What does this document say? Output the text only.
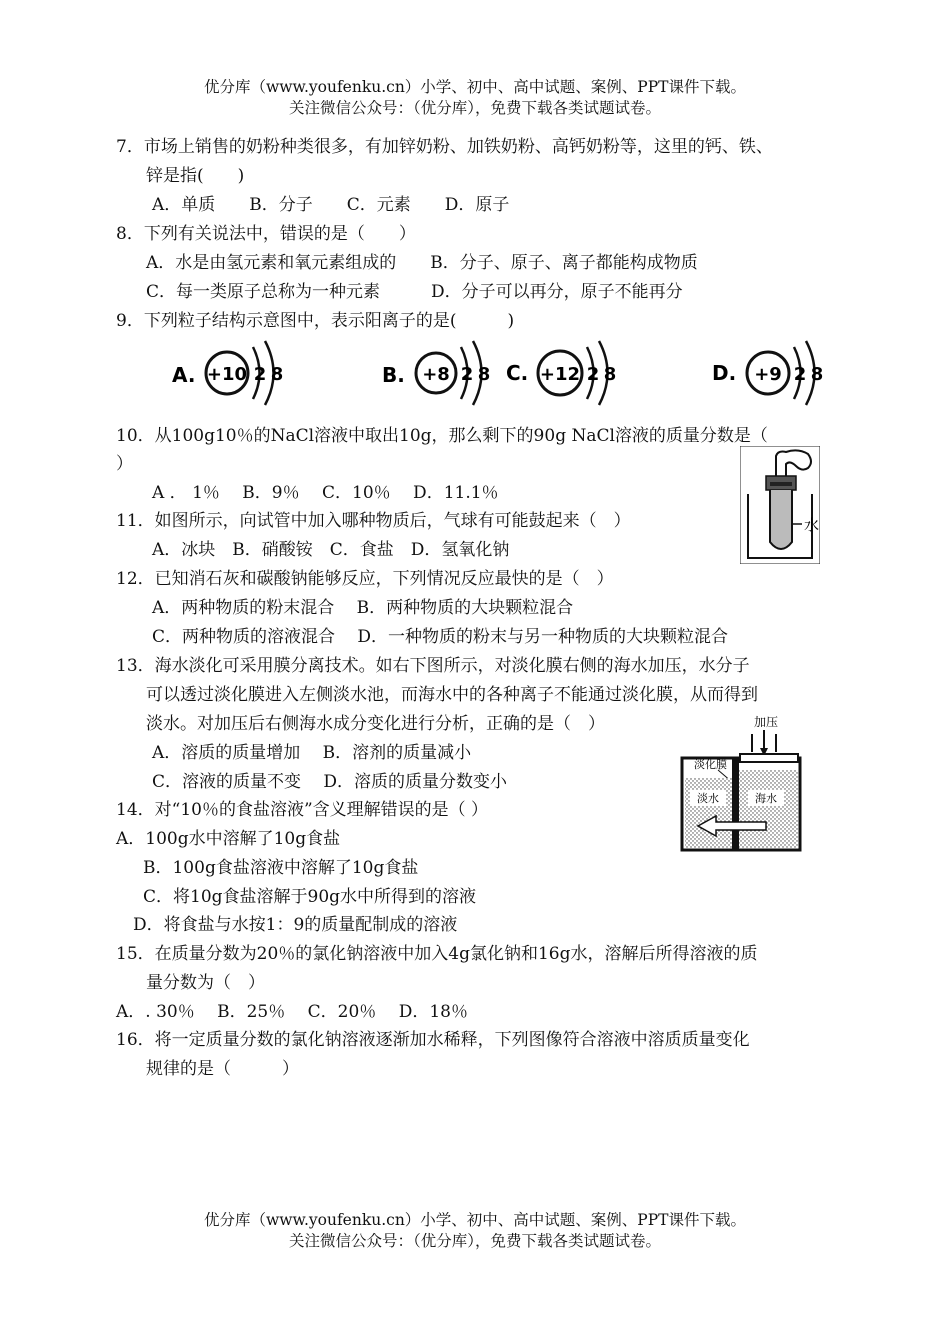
优分库（www.youfenku.cn）小学、初中、高中试题、案例、PPT课件下载。
关注微信公众号：（优分库），免费下载各类试题试卷。
7．市场上销售的奶粉种类很多，有加锌奶粉、加铁奶粉、高钙奶粉等，这里的钙、铁、
锌是指(　　)
A．单质　　B．分子　　C．元素　　D．原子
8．下列有关说法中，错误的是（　　）
A．水是由氢元素和氧元素组成的　　B．分子、原子、离子都能构成物质
C．每一类原子总称为一种元素　　　D．分子可以再分，原子不能再分
9．下列粒子结构示意图中，表示阳离子的是(　　　)
A. +10 2 8	B. +8 2 8 C. +12 2 8	D. +9 2 8
10．从100g10％的NaCl溶液中取出10g，那么剩下的90g NaCl溶液的质量分数是（
）
A ． 1％　 B．9％　 C．10％　 D．11.1％
水
11．如图所示，向试管中加入哪种物质后，气球有可能鼓起来（　）
A．冰块　B．硝酸铵　C．食盐　D．氢氧化钠
12．已知消石灰和碳酸钠能够反应，下列情况反应最快的是（　）
A．两种物质的粉末混合　 B．两种物质的大块颗粒混合
C．两种物质的溶液混合　 D．一种物质的粉末与另一种物质的大块颗粒混合
13．海水淡化可采用膜分离技术。如右下图所示，对淡化膜右侧的海水加压，水分子
可以透过淡化膜进入左侧淡水池，而海水中的各种离子不能通过淡化膜，从而得到
淡水。对加压后右侧海水成分变化进行分析，正确的是（　）
A．溶质的质量增加　 B．溶剂的质量减小
C．溶液的质量不变　 D．溶质的质量分数变小
加压
淡化膜
淡水	海水
14．对“10％的食盐溶液”含义理解错误的是（ ）
A．100g水中溶解了10g食盐
B．100g食盐溶液中溶解了10g食盐
C．将10g食盐溶解于90g水中所得到的溶液
D．将食盐与水按1：9的质量配制成的溶液
15．在质量分数为20％的氯化钠溶液中加入4g氯化钠和16g水，溶解后所得溶液的质
量分数为（　）
A．. 30％　 B．25％　 C．20％　 D．18％
16．将一定质量分数的氯化钠溶液逐渐加水稀释，下列图像符合溶液中溶质质量变化
规律的是（　　　）
优分库（www.youfenku.cn）小学、初中、高中试题、案例、PPT课件下载。
关注微信公众号：（优分库），免费下载各类试题试卷。
